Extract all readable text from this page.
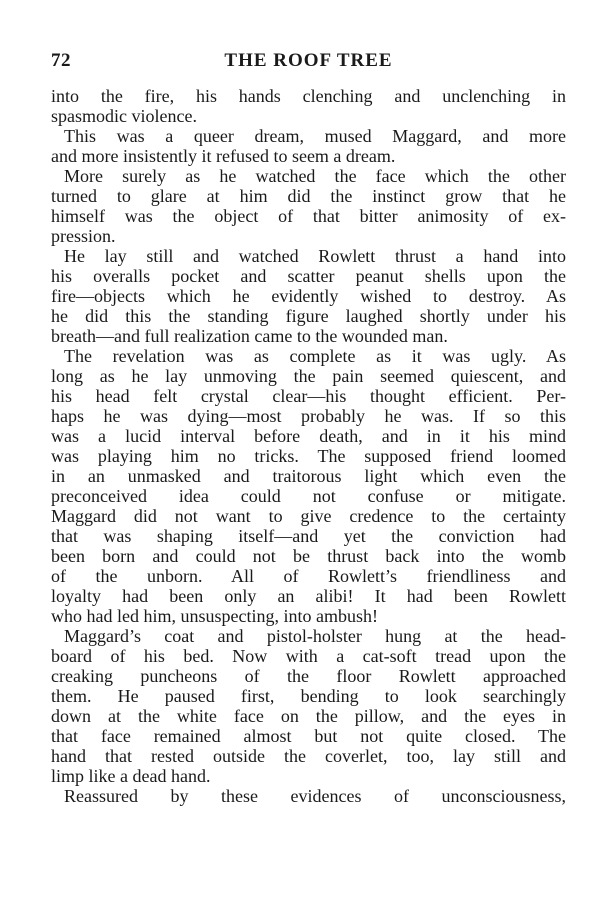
72	THE ROOF TREE
into the fire, his hands clenching and unclenching in
spasmodic violence.
This was a queer dream, mused Maggard, and more
and more insistently it refused to seem a dream.
More surely as he watched the face which the other
turned to glare at him did the instinct grow that he
himself was the object of that bitter animosity of ex-
pression.
He lay still and watched Rowlett thrust a hand into
his overalls pocket and scatter peanut shells upon the
fire—objects which he evidently wished to destroy. As
he did this the standing figure laughed shortly under his
breath—and full realization came to the wounded man.
The revelation was as complete as it was ugly. As
long as he lay unmoving the pain seemed quiescent, and
his head felt crystal clear—his thought efficient. Per-
haps he was dying—most probably he was. If so this
was a lucid interval before death, and in it his mind
was playing him no tricks. The supposed friend loomed
in an unmasked and traitorous light which even the
preconceived idea could not confuse or mitigate.
Maggard did not want to give credence to the certainty
that was shaping itself—and yet the conviction had
been born and could not be thrust back into the womb
of the unborn. All of Rowlett’s friendliness and
loyalty had been only an alibi! It had been Rowlett
who had led him, unsuspecting, into ambush!
Maggard’s coat and pistol-holster hung at the head-
board of his bed. Now with a cat-soft tread upon the
creaking puncheons of the floor Rowlett approached
them. He paused first, bending to look searchingly
down at the white face on the pillow, and the eyes in
that face remained almost but not quite closed. The
hand that rested outside the coverlet, too, lay still and
limp like a dead hand.
Reassured by these evidences of unconsciousness,
